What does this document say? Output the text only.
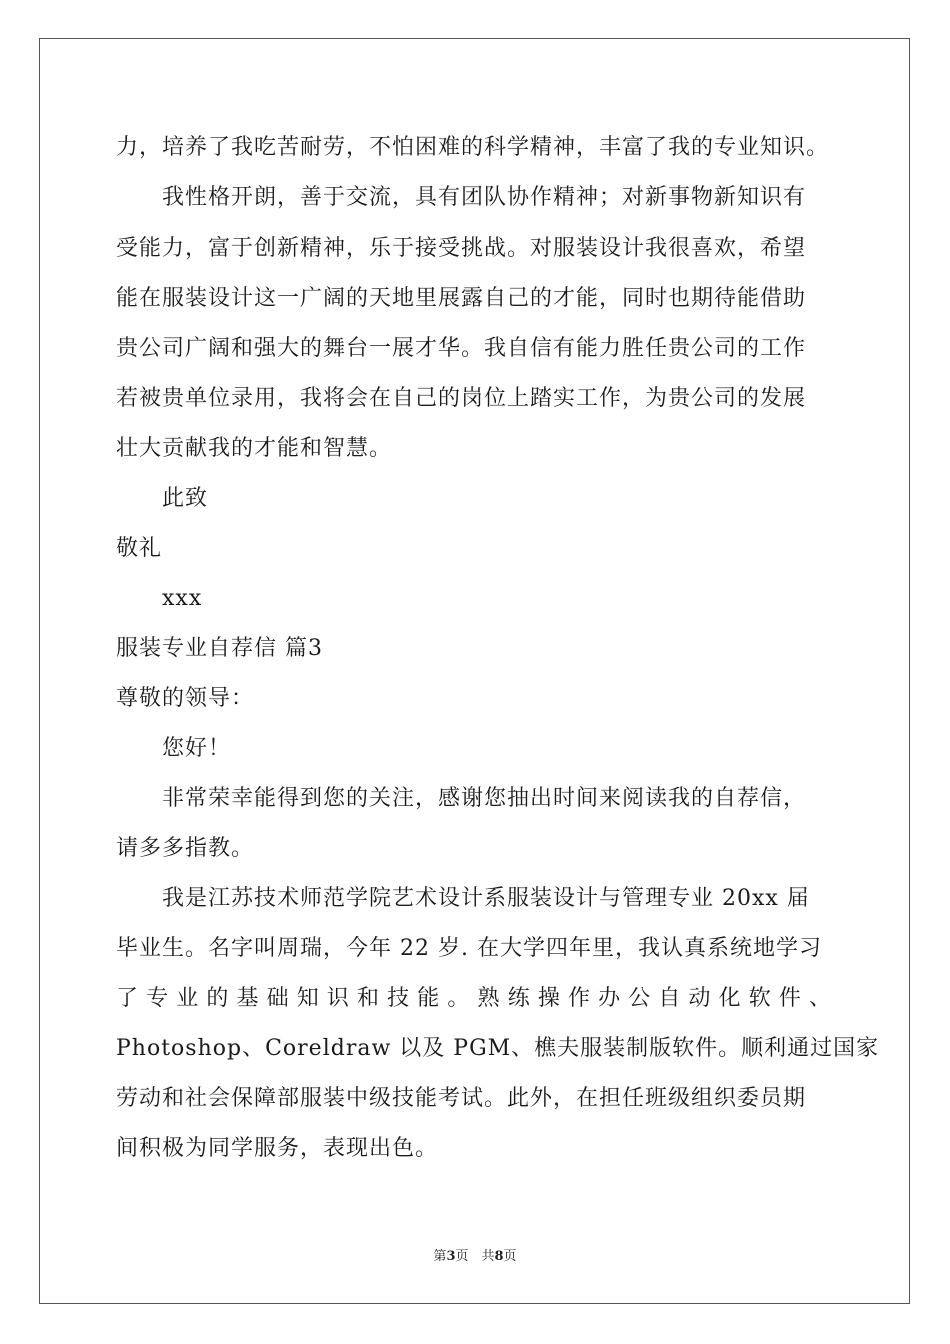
力，培养了我吃苦耐劳，不怕困难的科学精神，丰富了我的专业知识。
我性格开朗，善于交流，具有团队协作精神；对新事物新知识有
受能力，富于创新精神，乐于接受挑战。对服装设计我很喜欢，希望
能在服装设计这一广阔的天地里展露自己的才能，同时也期待能借助
贵公司广阔和强大的舞台一展才华。我自信有能力胜任贵公司的工作
若被贵单位录用，我将会在自己的岗位上踏实工作，为贵公司的发展
壮大贡献我的才能和智慧。
此致
敬礼
xxx
服装专业自荐信 篇3
尊敬的领导：
您好！
非常荣幸能得到您的关注，感谢您抽出时间来阅读我的自荐信，
请多多指教。
我是江苏技术师范学院艺术设计系服装设计与管理专业 20xx 届
毕业生。名字叫周瑞，今年 22 岁. 在大学四年里，我认真系统地学习
了专业的基础知识和技能。熟练操作办公自动化软件、
Photoshop、Coreldraw 以及 PGM、樵夫服装制版软件。顺利通过国家
劳动和社会保障部服装中级技能考试。此外，在担任班级组织委员期
间积极为同学服务，表现出色。
第3页　共8页
